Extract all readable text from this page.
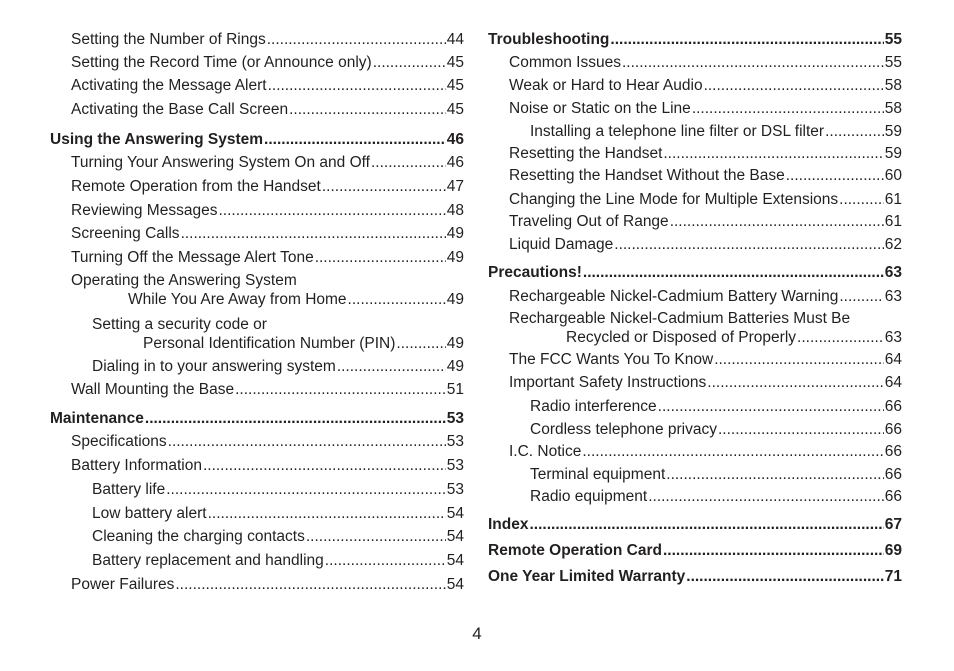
Setting the Number of Rings .....	44
Setting the Record Time (or Announce only) .....	45
Activating the Message Alert .....	45
Activating the Base Call Screen .....	45
Using the Answering System .....	46
Turning Your Answering System On and Off .....	46
Remote Operation from the Handset .....	47
Reviewing Messages .....	48
Screening Calls .....	49
Turning Off the Message Alert Tone .....	49
Operating the Answering System
While You Are Away from Home .....	49
Setting a security code or
Personal Identification Number (PIN) .....	49
Dialing in to your answering system .....	49
Wall Mounting the Base .....	51
Maintenance .....	53
Specifications .....	53
Battery Information .....	53
Battery life .....	53
Low battery alert .....	54
Cleaning the charging contacts .....	54
Battery replacement and handling .....	54
Power Failures .....	54
Troubleshooting .....	55
Common Issues .....	55
Weak or Hard to Hear Audio .....	58
Noise or Static on the Line .....	58
Installing a telephone line filter or DSL filter .....	59
Resetting the Handset .....	59
Resetting the Handset Without the Base .....	60
Changing the Line Mode for Multiple Extensions .....	61
Traveling Out of Range .....	61
Liquid Damage .....	62
Precautions! .....	63
Rechargeable Nickel-Cadmium Battery Warning .....	63
Rechargeable Nickel-Cadmium Batteries Must Be
Recycled or Disposed of Properly .....	63
The FCC Wants You To Know .....	64
Important Safety Instructions .....	64
Radio interference .....	66
Cordless telephone privacy .....	66
I.C. Notice .....	66
Terminal equipment .....	66
Radio equipment .....	66
Index .....	67
Remote Operation Card .....	69
One Year Limited Warranty .....	71
4
